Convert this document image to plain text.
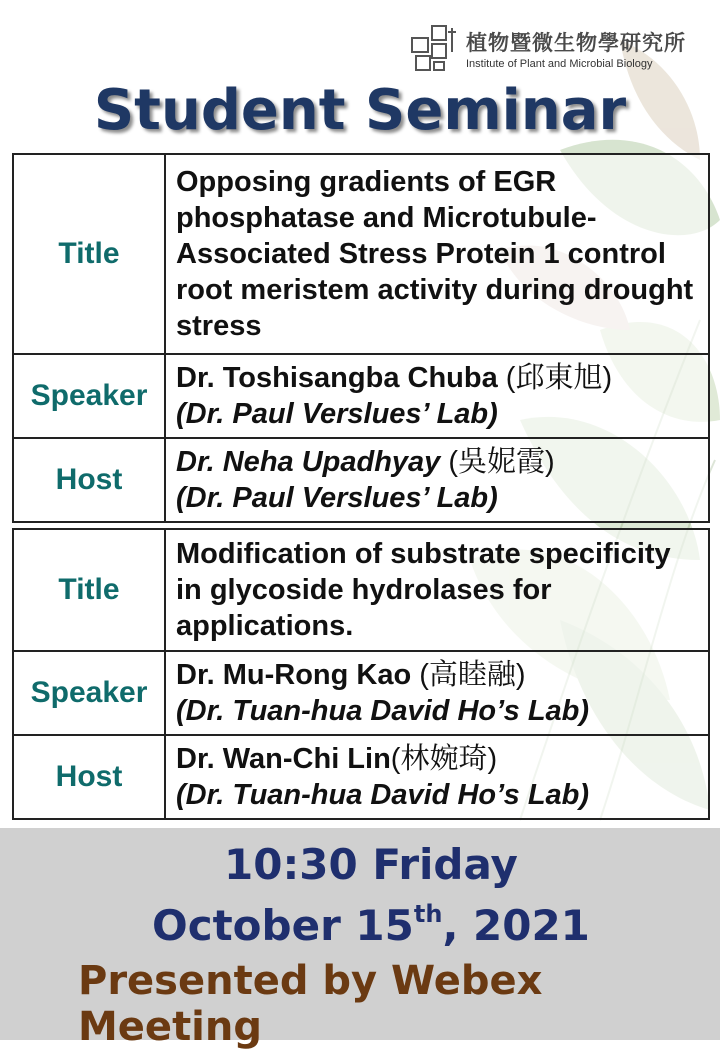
植物暨微生物學研究所
Institute of Plant and Microbial Biology
Student Seminar
Title	Opposing gradients of EGR phosphatase and Microtubule-Associated Stress Protein 1 control root meristem activity during drought stress
Speaker	Dr. Toshisangba Chuba (邱東旭)
(Dr. Paul Verslues’ Lab)
Host	Dr. Neha Upadhyay (吳妮霞)
(Dr. Paul Verslues’ Lab)
Title	Modification of substrate specificity in glycoside hydrolases for applications.
Speaker	Dr. Mu-Rong Kao (高睦融)
(Dr. Tuan-hua David Ho’s Lab)
Host	Dr. Wan-Chi Lin(林婉琦)
(Dr. Tuan-hua David Ho’s Lab)
10:30 Friday
October 15th, 2021
Presented by Webex Meeting
